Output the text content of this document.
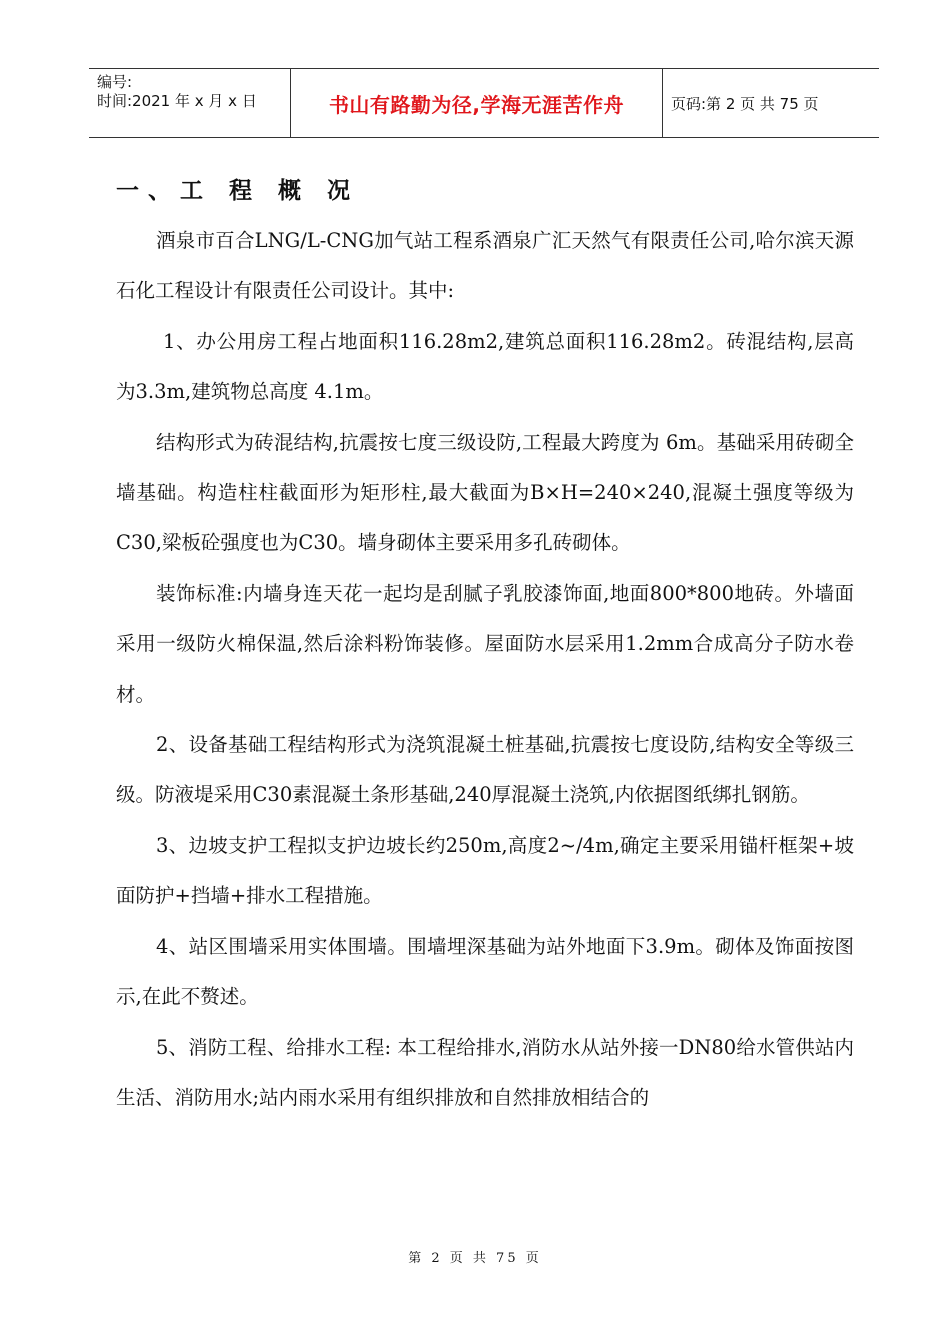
编号:
时间:2021 年 x 月 x 日	书山有路勤为径,学海无涯苦作舟	页码:第 2 页 共 75 页
一、工 程 概 况

酒泉市百合LNG/L-CNG加气站工程系酒泉广汇天然气有限责任公司,哈尔滨天源石化工程设计有限责任公司设计。其中:

1、办公用房工程占地面积116.28m2,建筑总面积116.28m2。砖混结构,层高为3.3m,建筑物总高度 4.1m。

结构形式为砖混结构,抗震按七度三级设防,工程最大跨度为 6m。基础采用砖砌全墙基础。构造柱柱截面形为矩形柱,最大截面为B×H=240×240,混凝土强度等级为C30,梁板砼强度也为C30。墙身砌体主要采用多孔砖砌体。

装饰标准:内墙身连天花一起均是刮腻子乳胶漆饰面,地面800*800地砖。外墙面采用一级防火棉保温,然后涂料粉饰装修。屋面防水层采用1.2mm合成高分子防水卷材。

2、设备基础工程结构形式为浇筑混凝土桩基础,抗震按七度设防,结构安全等级三级。防液堤采用C30素混凝土条形基础,240厚混凝土浇筑,内依据图纸绑扎钢筋。

3、边坡支护工程拟支护边坡长约250m,高度2~/4m,确定主要采用锚杆框架+坡面防护+挡墙+排水工程措施。

4、站区围墙采用实体围墙。围墙埋深基础为站外地面下3.9m。砌体及饰面按图示,在此不赘述。

5、消防工程、给排水工程: 本工程给排水,消防水从站外接一DN80给水管供站内生活、消防用水;站内雨水采用有组织排放和自然排放相结合的

第 2 页 共 75 页
